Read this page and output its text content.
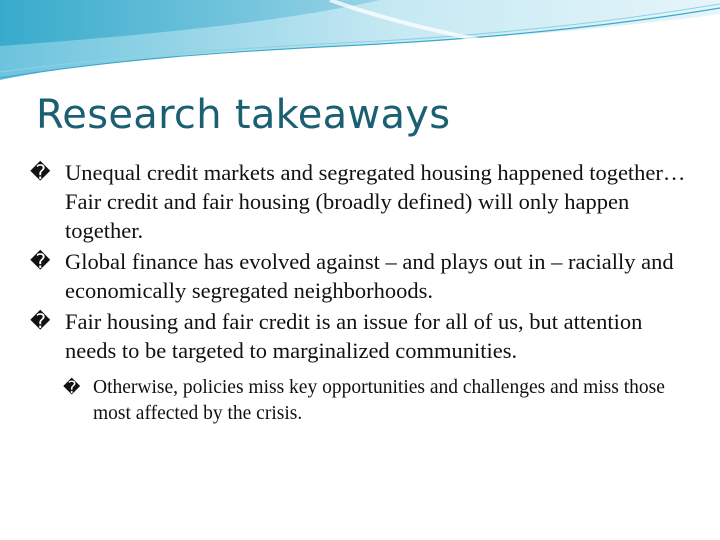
Research takeaways
� Unequal credit markets and segregated housing happened together…Fair credit and fair housing (broadly defined) will only happen together.
� Global finance has evolved against – and plays out in – racially and economically segregated neighborhoods.
� Fair housing and fair credit is an issue for all of us, but attention needs to be targeted to marginalized communities.
� Otherwise, policies miss key opportunities and challenges and miss those most affected by the crisis.
